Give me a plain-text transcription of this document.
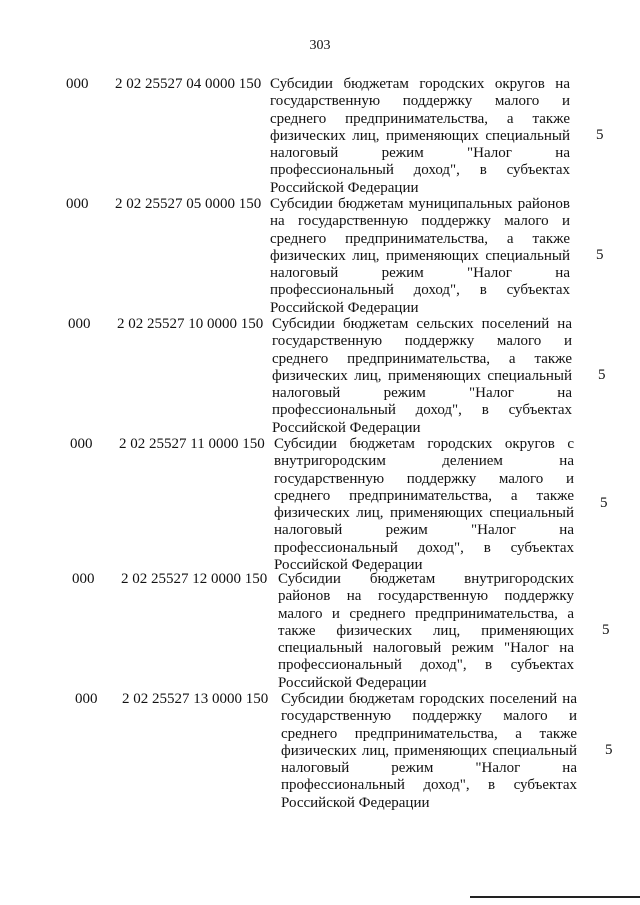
303
000 2 02 25527 04 0000 150 Субсидии бюджетам городских округов на
государственную поддержку малого и
среднего предпринимательства, а также
физических лиц, применяющих специальный
налоговый режим "Налог на
профессиональный доход", в субъектах
Российской Федерации
5
000 2 02 25527 05 0000 150 Субсидии бюджетам муниципальных районов
на государственную поддержку малого и
среднего предпринимательства, а также
физических лиц, применяющих специальный
налоговый режим "Налог на
профессиональный доход", в субъектах
Российской Федерации
5
000 2 02 25527 10 0000 150 Субсидии бюджетам сельских поселений на
государственную поддержку малого и
среднего предпринимательства, а также
физических лиц, применяющих специальный
налоговый режим "Налог на
профессиональный доход", в субъектах
Российской Федерации
5
000 2 02 25527 11 0000 150 Субсидии бюджетам городских округов с
внутригородским делением на
государственную поддержку малого и
среднего предпринимательства, а также
физических лиц, применяющих специальный
налоговый режим "Налог на
профессиональный доход", в субъектах
Российской Федерации
5
000 2 02 25527 12 0000 150 Субсидии бюджетам внутригородских
районов на государственную поддержку
малого и среднего предпринимательства, а
также физических лиц, применяющих
специальный налоговый режим "Налог на
профессиональный доход", в субъектах
Российской Федерации
5
000 2 02 25527 13 0000 150 Субсидии бюджетам городских поселений на
государственную поддержку малого и
среднего предпринимательства, а также
физических лиц, применяющих специальный
налоговый режим "Налог на
профессиональный доход", в субъектах
Российской Федерации
5
